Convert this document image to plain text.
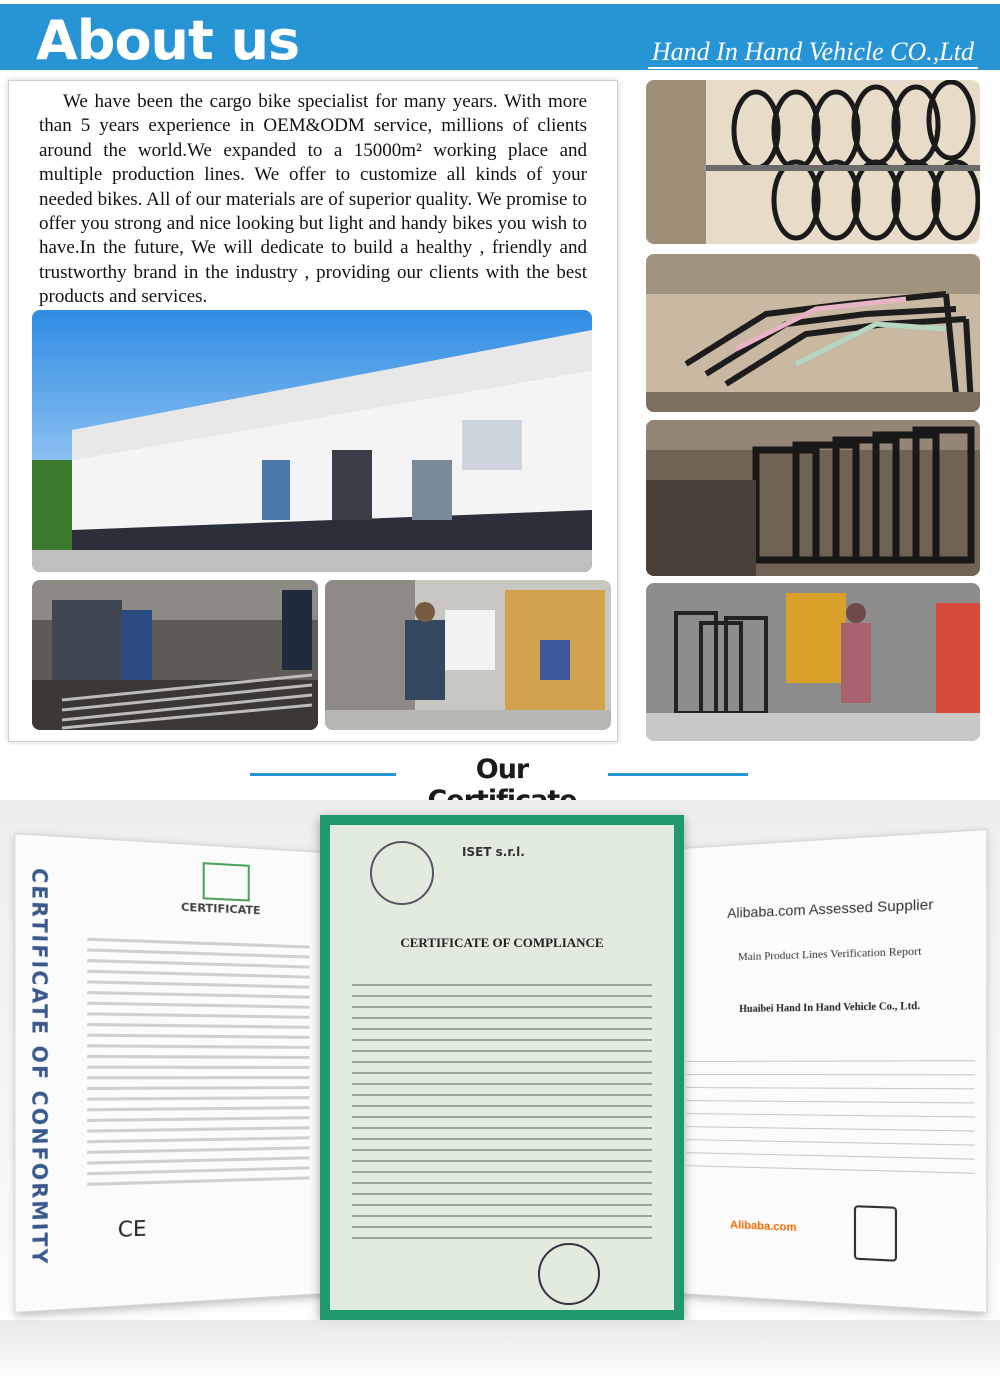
About us	Hand In Hand Vehicle CO.,Ltd
We have been the cargo bike specialist for many years. With more than 5 years experience in OEM&ODM service, millions of clients around the world.We expanded to a 15000m² working place and multiple production lines. We offer to customize all kinds of your needed bikes. All of our materials are of superior quality. We promise to offer you strong and nice looking but light and handy bikes you wish to have.In the future, We will dedicate to build a healthy , friendly and trustworthy brand in the industry , providing our clients with the best products and services.
Our
CERTIFICATE OF CONFORMITY	CERTIFICATE
CE
Alibaba.com Assessed Supplier
Main Product Lines Verification Report
Huaibei Hand In Hand Vehicle Co., Ltd.
Alibaba.com
ISET s.r.l.
CERTIFICATE OF COMPLIANCE
